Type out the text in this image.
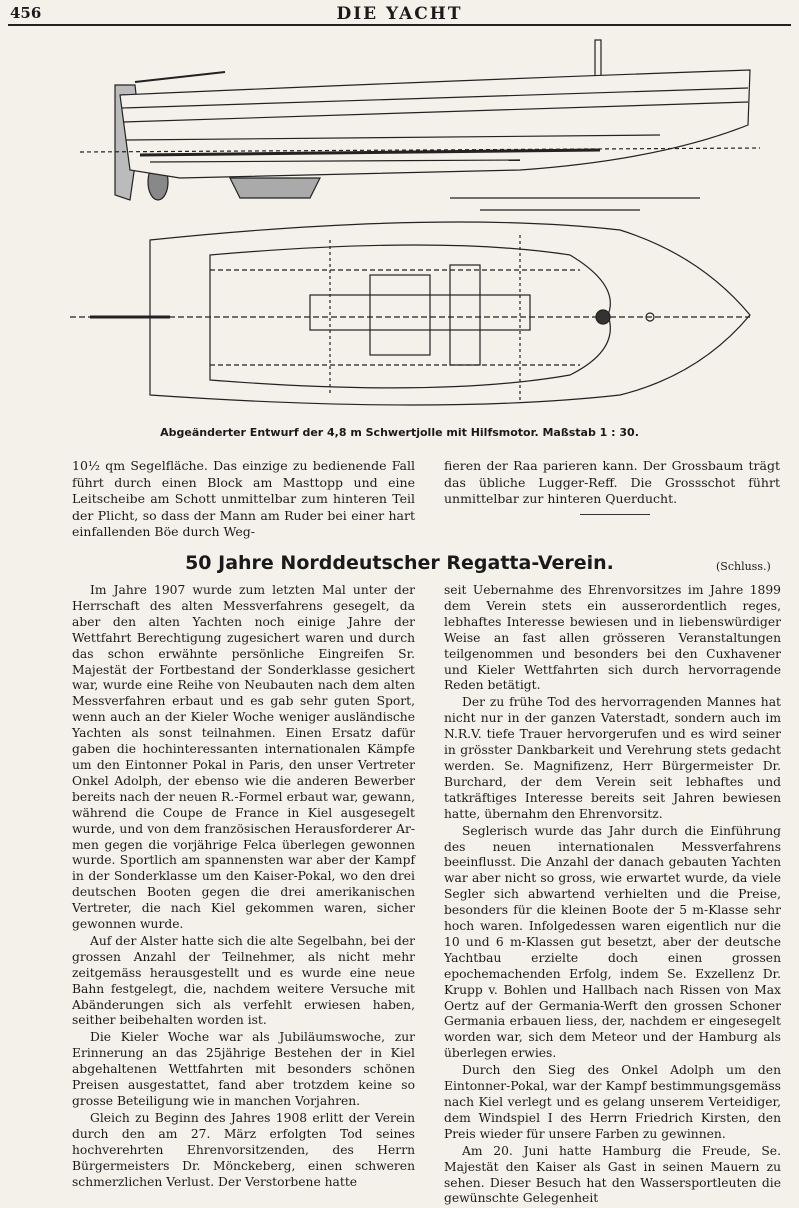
456	DIE YACHT
Abgeänderter Entwurf der 4,8 m Schwertjolle mit Hilfsmotor. Maßstab 1 : 30.
10½ qm Segelfläche. Das einzige zu bedienende Fall führt durch einen Block am Masttopp und eine Leitscheibe am Schott unmittelbar zum hinteren Teil der Plicht, so dass der Mann am Ruder bei einer hart einfallenden Böe durch Weg-
fieren der Raa parieren kann. Der Grossbaum trägt das übliche Lugger-Reff. Die Grossschot führt unmittelbar zur hinteren Querducht.
50 Jahre Norddeutscher Regatta-Verein.	(Schluss.)

Im Jahre 1907 wurde zum letzten Mal unter der Herrschaft des alten Messverfahrens gesegelt, da aber den alten Yachten noch einige Jahre der Wettfahrt Berechtigung zugesichert waren und durch das schon erwähnte persönliche Eingreifen Sr. Majestät der Fortbestand der Sonderklasse gesichert war, wurde eine Reihe von Neubauten nach dem alten Messverfahren erbaut und es gab sehr guten Sport, wenn auch an der Kieler Woche weniger ausländische Yachten als sonst teilnahmen. Einen Ersatz dafür gaben die hochinteressanten internationalen Kämpfe um den Eintonner Pokal in Paris, den unser Vertreter Onkel Adolph, der ebenso wie die anderen Bewerber bereits nach der neuen R.-Formel erbaut war, gewann, während die Coupe de France in Kiel ausgesegelt wurde, und von dem französischen Herausforderer Ar-men gegen die vorjährige Felca überlegen gewonnen wurde. Sportlich am spannensten war aber der Kampf in der Sonderklasse um den Kaiser-Pokal, wo den drei deutschen Booten gegen die drei amerikanischen Vertreter, die nach Kiel gekommen waren, sicher gewonnen wurde.

Auf der Alster hatte sich die alte Segelbahn, bei der grossen Anzahl der Teilnehmer, als nicht mehr zeitgemäss herausgestellt und es wurde eine neue Bahn festgelegt, die, nachdem weitere Versuche mit Abänderungen sich als verfehlt erwiesen haben, seither beibehalten worden ist.

Die Kieler Woche war als Jubiläumswoche, zur Erinnerung an das 25jährige Bestehen der in Kiel abgehaltenen Wettfahrten mit besonders schönen Preisen ausgestattet, fand aber trotzdem keine so grosse Beteiligung wie in manchen Vorjahren.

Gleich zu Beginn des Jahres 1908 erlitt der Verein durch den am 27. März erfolgten Tod seines hochverehrten Ehrenvorsitzenden, des Herrn Bürgermeisters Dr. Mönckeberg, einen schweren schmerzlichen Verlust. Der Verstorbene hatte

seit Uebernahme des Ehrenvorsitzes im Jahre 1899 dem Verein stets ein ausserordentlich reges, lebhaftes Interesse bewiesen und in liebenswürdiger Weise an fast allen grösseren Veranstaltungen teilgenommen und besonders bei den Cuxhavener und Kieler Wettfahrten sich durch hervorragende Reden betätigt.

Der zu frühe Tod des hervorragenden Mannes hat nicht nur in der ganzen Vaterstadt, sondern auch im N.R.V. tiefe Trauer hervorgerufen und es wird seiner in grösster Dankbarkeit und Verehrung stets gedacht werden. Se. Magnifizenz, Herr Bürgermeister Dr. Burchard, der dem Verein seit lebhaftes und tatkräftiges Interesse bereits seit Jahren bewiesen hatte, übernahm den Ehrenvorsitz.

Seglerisch wurde das Jahr durch die Einführung des neuen internationalen Messverfahrens beeinflusst. Die Anzahl der danach gebauten Yachten war aber nicht so gross, wie erwartet wurde, da viele Segler sich abwartend verhielten und die Preise, besonders für die kleinen Boote der 5 m-Klasse sehr hoch waren. Infolgedessen waren eigentlich nur die 10 und 6 m-Klassen gut besetzt, aber der deutsche Yachtbau erzielte doch einen grossen epochemachenden Erfolg, indem Se. Exzellenz Dr. Krupp v. Bohlen und Hallbach nach Rissen von Max Oertz auf der Germania-Werft den grossen Schoner Germania erbauen liess, der, nachdem er eingesegelt worden war, sich dem Meteor und der Hamburg als überlegen erwies.

Durch den Sieg des Onkel Adolph um den Eintonner-Pokal, war der Kampf bestimmungsgemäss nach Kiel verlegt und es gelang unserem Verteidiger, dem Windspiel I des Herrn Friedrich Kirsten, den Preis wieder für unsere Farben zu gewinnen.

Am 20. Juni hatte Hamburg die Freude, Se. Majestät den Kaiser als Gast in seinen Mauern zu sehen. Dieser Besuch hat den Wassersportleuten die gewünschte Gelegenheit
